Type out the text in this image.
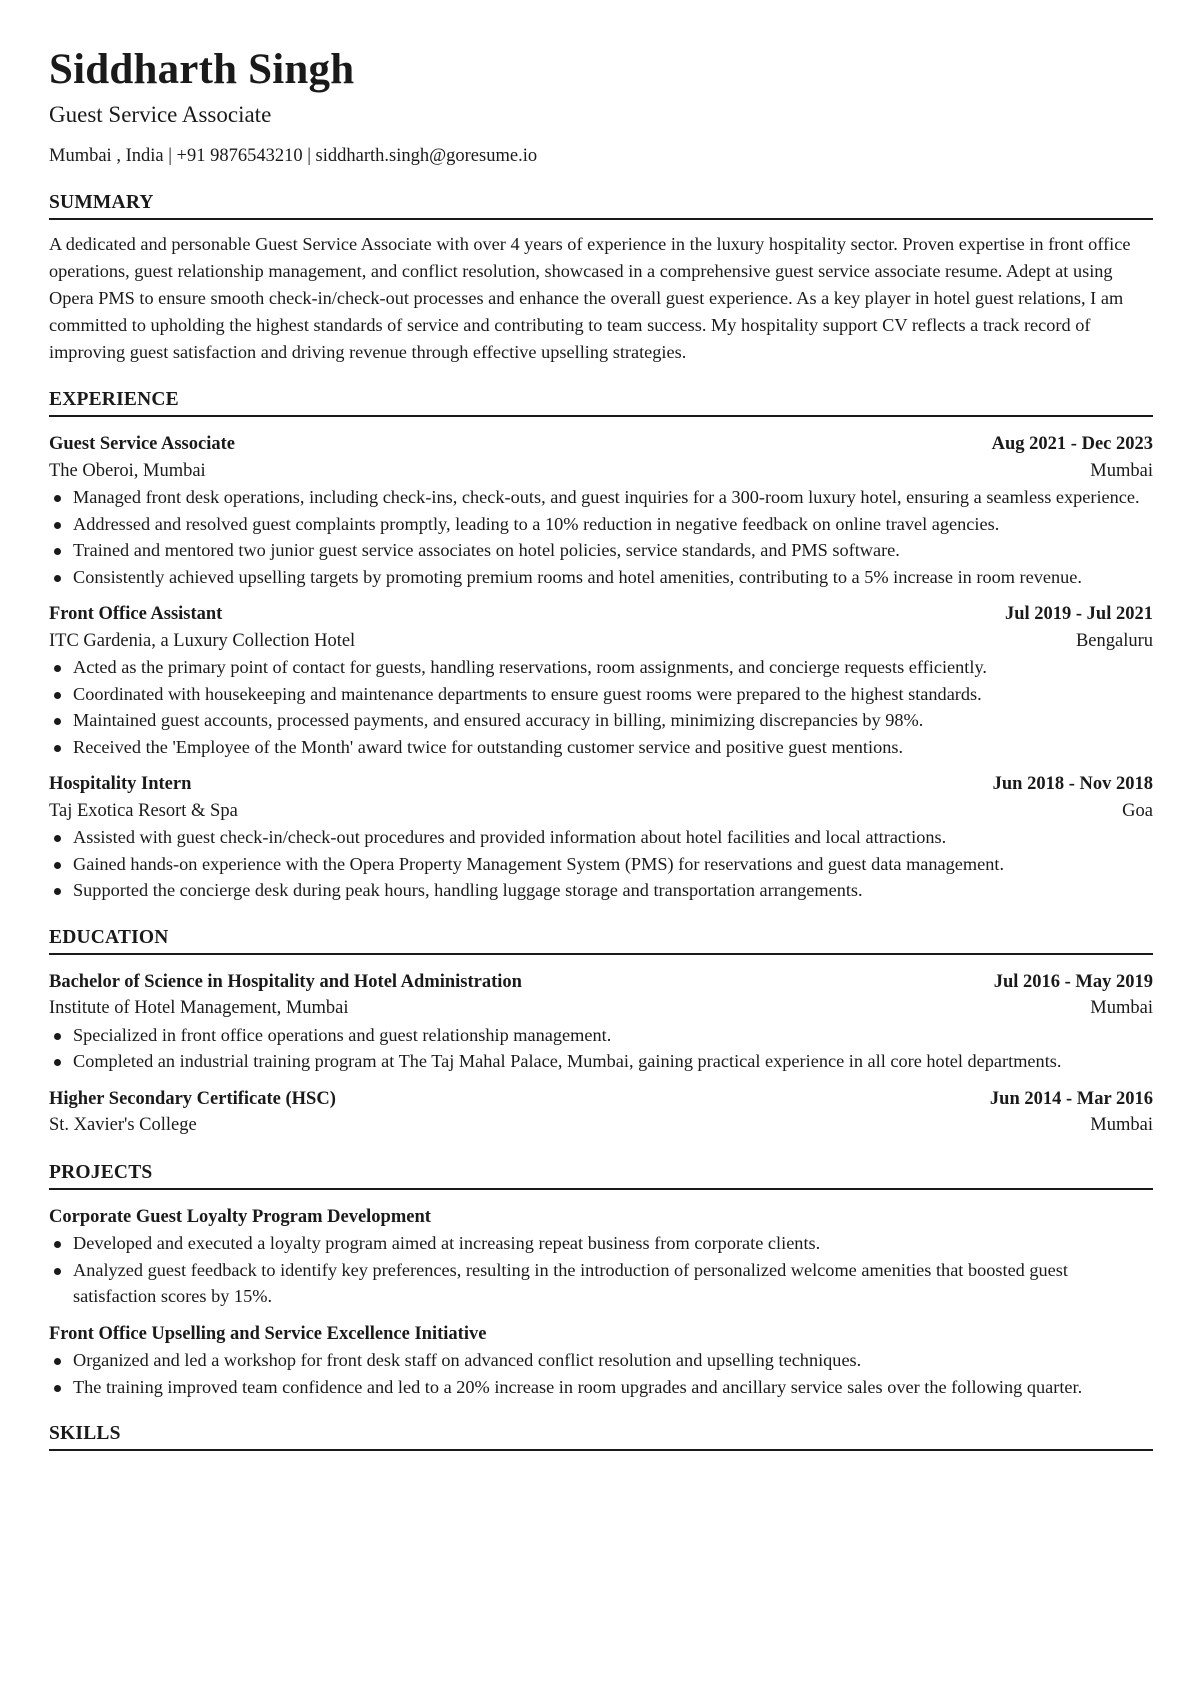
Siddharth Singh
Guest Service Associate
Mumbai , India | +91 9876543210 | siddharth.singh@goresume.io
SUMMARY
A dedicated and personable Guest Service Associate with over 4 years of experience in the luxury hospitality sector. Proven expertise in front office operations, guest relationship management, and conflict resolution, showcased in a comprehensive guest service associate resume. Adept at using Opera PMS to ensure smooth check-in/check-out processes and enhance the overall guest experience. As a key player in hotel guest relations, I am committed to upholding the highest standards of service and contributing to team success. My hospitality support CV reflects a track record of improving guest satisfaction and driving revenue through effective upselling strategies.
EXPERIENCE
Guest Service Associate	Aug 2021 - Dec 2023
The Oberoi, Mumbai	Mumbai
Managed front desk operations, including check-ins, check-outs, and guest inquiries for a 300-room luxury hotel, ensuring a seamless experience.
Addressed and resolved guest complaints promptly, leading to a 10% reduction in negative feedback on online travel agencies.
Trained and mentored two junior guest service associates on hotel policies, service standards, and PMS software.
Consistently achieved upselling targets by promoting premium rooms and hotel amenities, contributing to a 5% increase in room revenue.
Front Office Assistant	Jul 2019 - Jul 2021
ITC Gardenia, a Luxury Collection Hotel	Bengaluru
Acted as the primary point of contact for guests, handling reservations, room assignments, and concierge requests efficiently.
Coordinated with housekeeping and maintenance departments to ensure guest rooms were prepared to the highest standards.
Maintained guest accounts, processed payments, and ensured accuracy in billing, minimizing discrepancies by 98%.
Received the 'Employee of the Month' award twice for outstanding customer service and positive guest mentions.
Hospitality Intern	Jun 2018 - Nov 2018
Taj Exotica Resort & Spa	Goa
Assisted with guest check-in/check-out procedures and provided information about hotel facilities and local attractions.
Gained hands-on experience with the Opera Property Management System (PMS) for reservations and guest data management.
Supported the concierge desk during peak hours, handling luggage storage and transportation arrangements.
EDUCATION
Bachelor of Science in Hospitality and Hotel Administration	Jul 2016 - May 2019
Institute of Hotel Management, Mumbai	Mumbai
Specialized in front office operations and guest relationship management.
Completed an industrial training program at The Taj Mahal Palace, Mumbai, gaining practical experience in all core hotel departments.
Higher Secondary Certificate (HSC)	Jun 2014 - Mar 2016
St. Xavier's College	Mumbai
PROJECTS
Corporate Guest Loyalty Program Development
Developed and executed a loyalty program aimed at increasing repeat business from corporate clients.
Analyzed guest feedback to identify key preferences, resulting in the introduction of personalized welcome amenities that boosted guest satisfaction scores by 15%.
Front Office Upselling and Service Excellence Initiative
Organized and led a workshop for front desk staff on advanced conflict resolution and upselling techniques.
The training improved team confidence and led to a 20% increase in room upgrades and ancillary service sales over the following quarter.
SKILLS
